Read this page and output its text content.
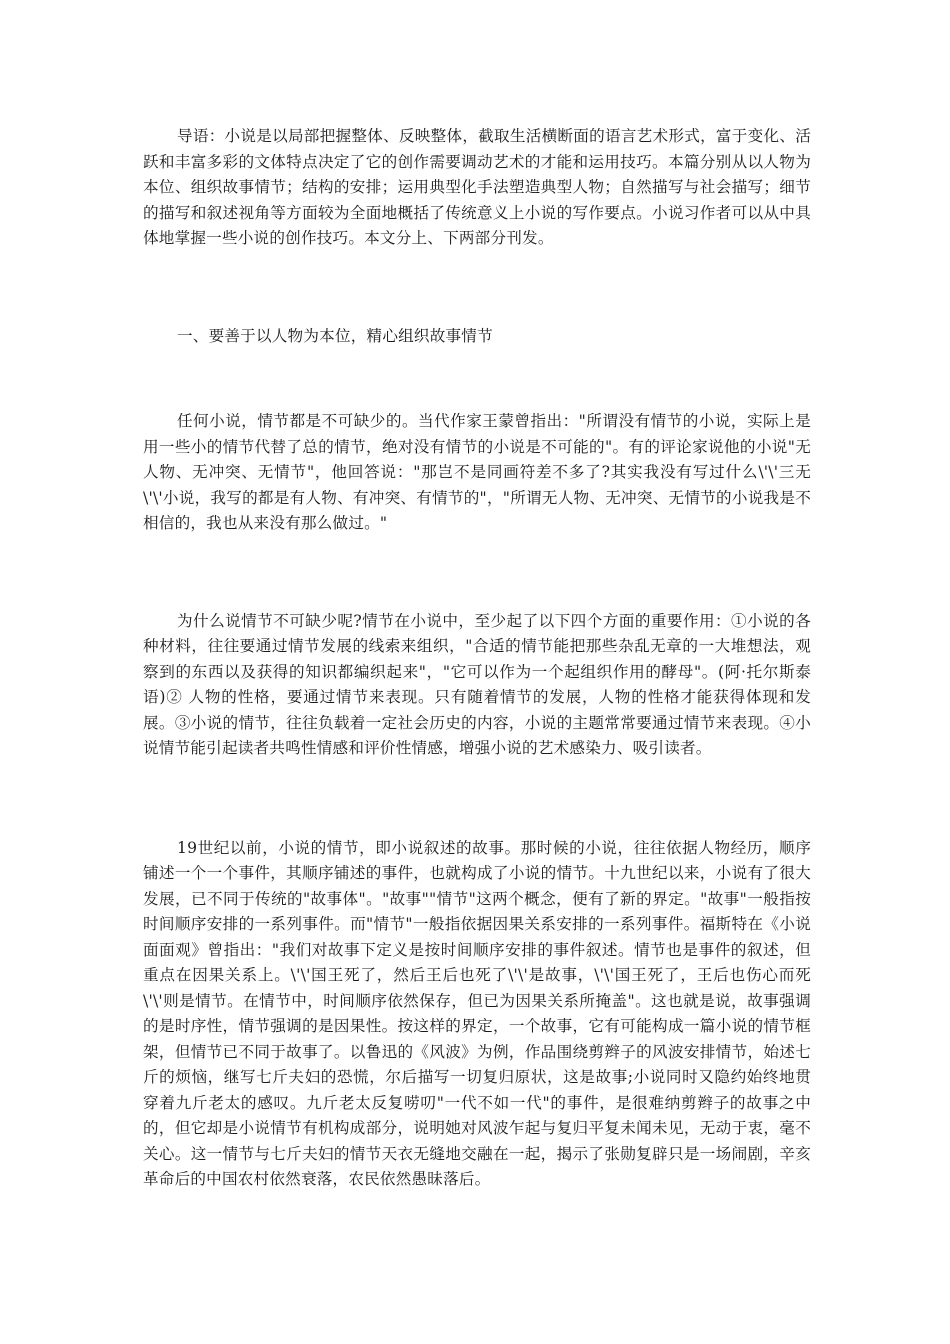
导语：小说是以局部把握整体、反映整体，截取生活横断面的语言艺术形式，富于变化、活跃和丰富多彩的文体特点决定了它的创作需要调动艺术的才能和运用技巧。本篇分别从以人物为本位、组织故事情节；结构的安排；运用典型化手法塑造典型人物；自然描写与社会描写；细节的描写和叙述视角等方面较为全面地概括了传统意义上小说的写作要点。小说习作者可以从中具体地掌握一些小说的创作技巧。本文分上、下两部分刊发。

一、要善于以人物为本位，精心组织故事情节

任何小说，情节都是不可缺少的。当代作家王蒙曾指出："所谓没有情节的小说，实际上是用一些小的情节代替了总的情节，绝对没有情节的小说是不可能的"。有的评论家说他的小说"无人物、无冲突、无情节"，他回答说："那岂不是同画符差不多了?其实我没有写过什么\'\'三无\'\'小说，我写的都是有人物、有冲突、有情节的"，"所谓无人物、无冲突、无情节的小说我是不相信的，我也从来没有那么做过。"

为什么说情节不可缺少呢?情节在小说中，至少起了以下四个方面的重要作用：①小说的各种材料，往往要通过情节发展的线索来组织，"合适的情节能把那些杂乱无章的一大堆想法，观察到的东西以及获得的知识都编织起来"，"它可以作为一个起组织作用的酵母"。(阿·托尔斯泰语)② 人物的性格，要通过情节来表现。只有随着情节的发展，人物的性格才能获得体现和发展。③小说的情节，往往负载着一定社会历史的内容，小说的主题常常要通过情节来表现。④小说情节能引起读者共鸣性情感和评价性情感，增强小说的艺术感染力、吸引读者。

19世纪以前，小说的情节，即小说叙述的故事。那时候的小说，往往依据人物经历，顺序铺述一个一个事件，其顺序铺述的事件，也就构成了小说的情节。十九世纪以来，小说有了很大发展，已不同于传统的"故事体"。"故事""情节"这两个概念，便有了新的界定。"故事"一般指按时间顺序安排的一系列事件。而"情节"一般指依据因果关系安排的一系列事件。福斯特在《小说面面观》曾指出："我们对故事下定义是按时间顺序安排的事件叙述。情节也是事件的叙述，但重点在因果关系上。\'\'国王死了，然后王后也死了\'\'是故事，\'\'国王死了，王后也伤心而死\'\'则是情节。在情节中，时间顺序依然保存，但已为因果关系所掩盖"。这也就是说，故事强调的是时序性，情节强调的是因果性。按这样的界定，一个故事，它有可能构成一篇小说的情节框架，但情节已不同于故事了。以鲁迅的《风波》为例，作品围绕剪辫子的风波安排情节，始述七斤的烦恼，继写七斤夫妇的恐慌，尔后描写一切复归原状，这是故事;小说同时又隐约始终地贯穿着九斤老太的感叹。九斤老太反复唠叨"一代不如一代"的事件，是很难纳剪辫子的故事之中的，但它却是小说情节有机构成部分，说明她对风波乍起与复归平复未闻未见，无动于衷，毫不关心。这一情节与七斤夫妇的情节天衣无缝地交融在一起，揭示了张勋复辟只是一场闹剧，辛亥革命后的中国农村依然衰落，农民依然愚昧落后。
